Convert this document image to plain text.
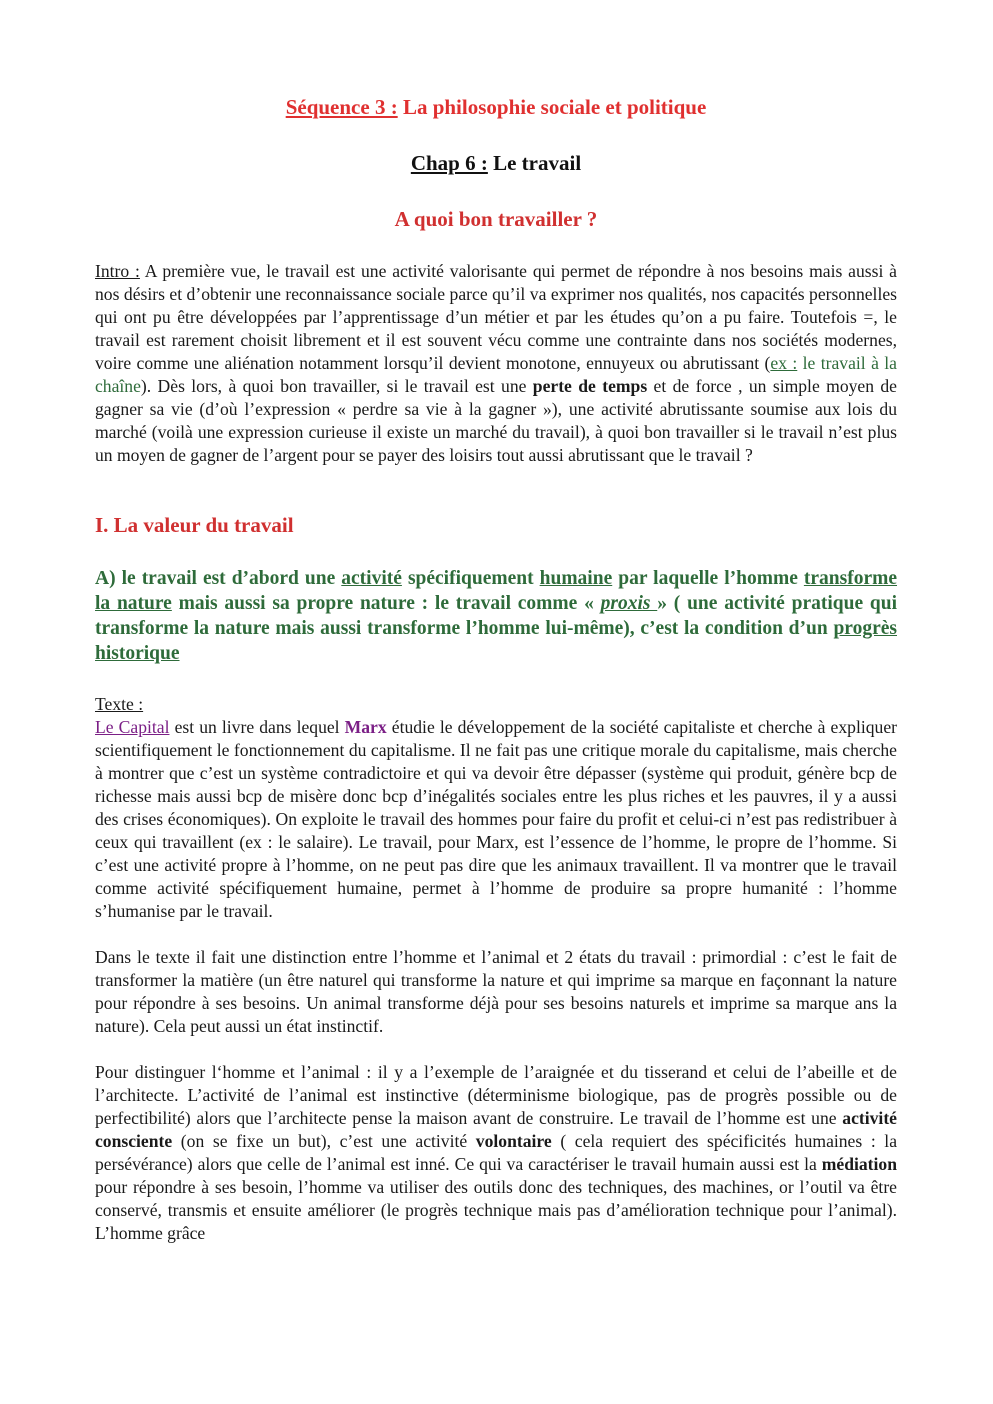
Séquence 3 : La philosophie sociale et politique
Chap 6 : Le travail
A quoi bon travailler ?

Intro : A première vue, le travail est une activité valorisante qui permet de répondre à nos besoins mais aussi à nos désirs et d’obtenir une reconnaissance sociale parce qu’il va exprimer nos qualités, nos capacités personnelles qui ont pu être développées par l’apprentissage d’un métier et par les études qu’on a pu faire. Toutefois =, le travail est rarement choisit librement et il est souvent vécu comme une contrainte dans nos sociétés modernes, voire comme une aliénation notamment lorsqu’il devient monotone, ennuyeux ou abrutissant (ex : le travail à la chaîne). Dès lors, à quoi bon travailler, si le travail est une perte de temps et de force , un simple moyen de gagner sa vie (d’où l’expression « perdre sa vie à la gagner »), une activité abrutissante soumise aux lois du marché (voilà une expression curieuse il existe un marché du travail), à quoi bon travailler si le travail n’est plus un moyen de gagner de l’argent pour se payer des loisirs tout aussi abrutissant que le travail ?

I. La valeur du travail
A) le travail est d’abord une activité spécifiquement humaine par laquelle l’homme transforme la nature mais aussi sa propre nature : le travail comme « proxis » ( une activité pratique qui transforme la nature mais aussi transforme l’homme lui-même), c’est la condition d’un progrès historique
Texte :

Le Capital est un livre dans lequel Marx étudie le développement de la société capitaliste et cherche à expliquer scientifiquement le fonctionnement du capitalisme. Il ne fait pas une critique morale du capitalisme, mais cherche à montrer que c’est un système contradictoire et qui va devoir être dépasser (système qui produit, génère bcp de richesse mais aussi bcp de misère donc bcp d’inégalités sociales entre les plus riches et les pauvres, il y a aussi des crises économiques). On exploite le travail des hommes pour faire du profit et celui-ci n’est pas redistribuer à ceux qui travaillent (ex : le salaire). Le travail, pour Marx, est l’essence de l’homme, le propre de l’homme. Si c’est une activité propre à l’homme, on ne peut pas dire que les animaux travaillent. Il va montrer que le travail comme activité spécifiquement humaine, permet à l’homme de produire sa propre humanité : l’homme s’humanise par le travail.

Dans le texte il fait une distinction entre l’homme et l’animal et 2 états du travail : primordial : c’est le fait de transformer la matière (un être naturel qui transforme la nature et qui imprime sa marque en façonnant la nature pour répondre à ses besoins. Un animal transforme déjà pour ses besoins naturels et imprime sa marque ans la nature). Cela peut aussi un état instinctif.

Pour distinguer l‘homme et l’animal : il y a l’exemple de l’araignée et du tisserand et celui de l’abeille et de l’architecte. L’activité de l’animal est instinctive (déterminisme biologique, pas de progrès possible ou de perfectibilité) alors que l’architecte pense la maison avant de construire. Le travail de l’homme est une activité consciente (on se fixe un but), c’est une activité volontaire ( cela requiert des spécificités humaines : la persévérance) alors que celle de l’animal est inné. Ce qui va caractériser le travail humain aussi est la médiation pour répondre à ses besoin, l’homme va utiliser des outils donc des techniques, des machines, or l’outil va être conservé, transmis et ensuite améliorer (le progrès technique mais pas d’amélioration technique pour l’animal). L’homme grâce
